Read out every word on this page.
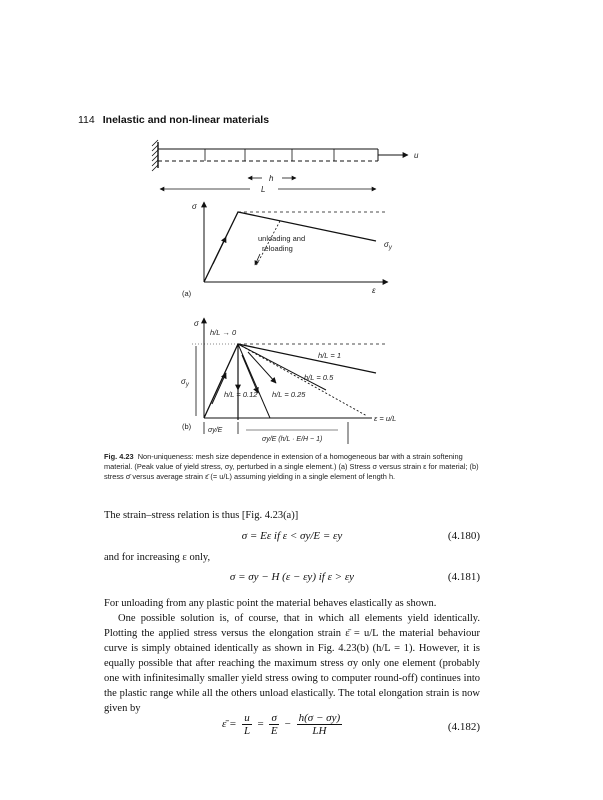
114 Inelastic and non-linear materials
u
h
L
σ
ε
unloading and
reloading	$\sigma_y$
(a)
σ
$\sigma_y$
h/L → 0
h/L = 1
h/L = 0.5
h/L = 0.12 h/L = 0.25
ε = u/L
(b) σy/E
σy/E (h/L · E/H − 1)
Fig. 4.23 Non-uniqueness: mesh size dependence in extension of a homogeneous bar with a strain softening material. (Peak value of yield stress, σy, perturbed in a single element.) (a) Stress σ versus strain ε for material; (b) stress σ̄ versus average strain ε̄ (= u/L) assuming yielding in a single element of length h.
The strain–stress relation is thus [Fig. 4.23(a)]
σ = Eε if ε < σy/E = εy	(4.180)
and for increasing ε only,
σ = σy − H (ε − εy) if ε > εy	(4.181)
For unloading from any plastic point the material behaves elastically as shown.
One possible solution is, of course, that in which all elements yield identically. Plotting the applied stress versus the elongation strain ε̄ = u/L the material behaviour curve is simply obtained identically as shown in Fig. 4.23(b) (h/L = 1). However, it is equally possible that after reaching the maximum stress σy only one element (probably one with infinitesimally smaller yield stress owing to computer round-off) continues into the plastic range while all the others unload elastically. The total elongation strain is now given by
ε̄ = $\frac{u}{L} = \frac{\sigma}{E} - \frac{h(\sigma - \sigma y)}{LH}$	(4.182)
